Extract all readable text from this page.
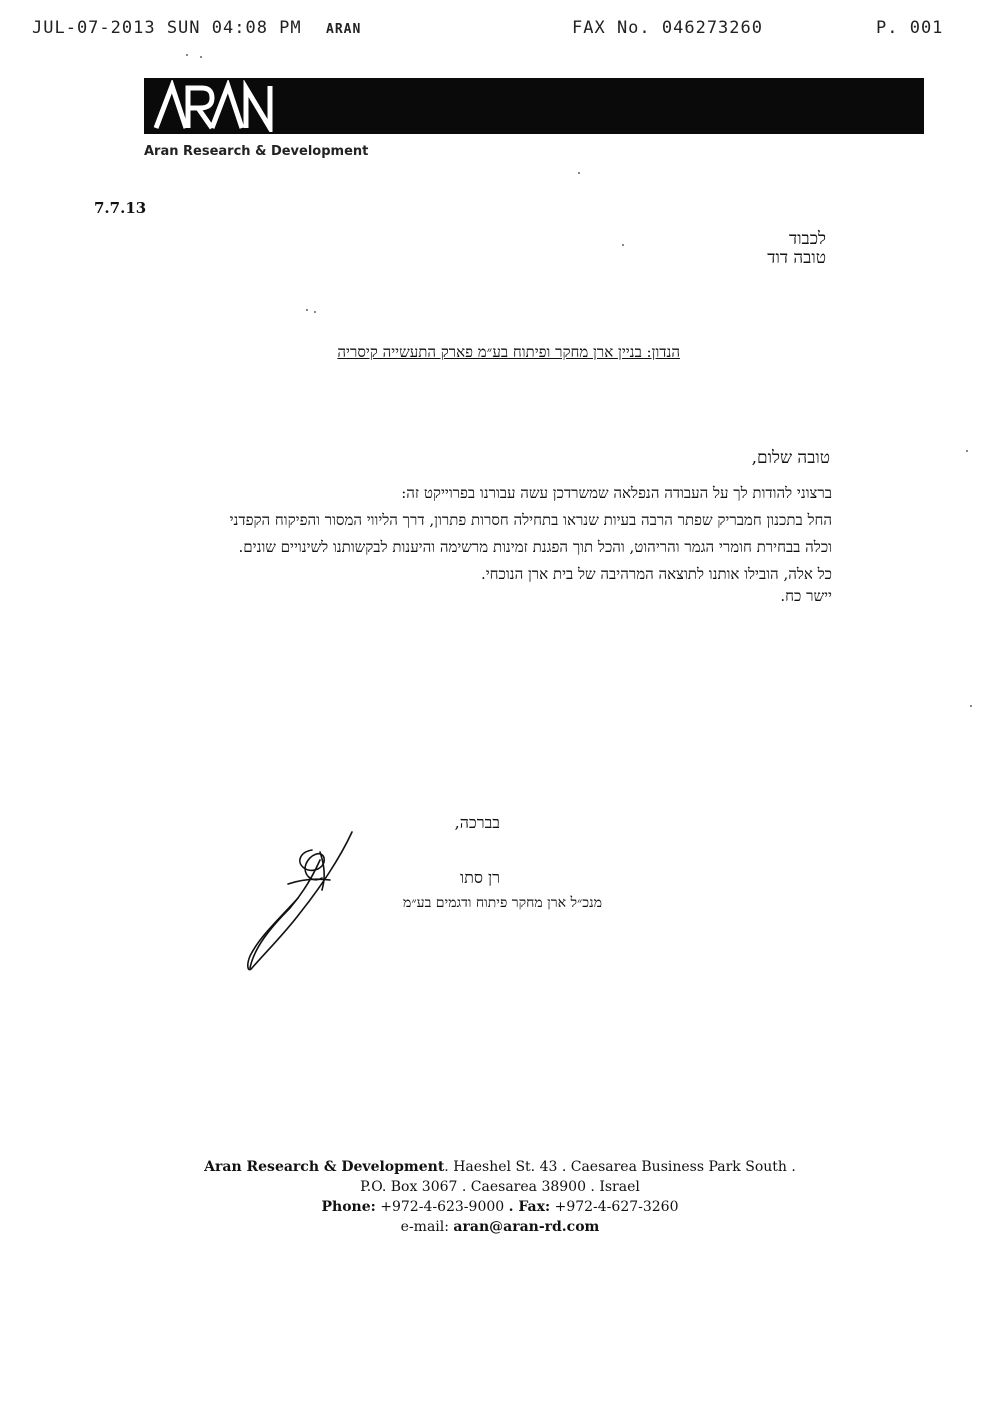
JUL-07-2013 SUN 04:08 PM ARAN	FAX No. 046273260	P. 001
Aran Research & Development
7.7.13
לכבוד
טובה דוד
הנדון: בניין ארן מחקר ופיתוח בע״מ פארק התעשייה קיסריה
טובה שלום,
ברצוני להודות לך על העבודה הנפלאה שמשרדכן עשה עבורנו בפרוייקט זה:
החל בתכנון חמבריק שפתר הרבה בעיות שנראו בתחילה חסרות פתרון, דרך הליווי המסור והפיקוח הקפדני
וכלה בבחירת חומרי הגמר והריהוט, והכל תוך הפגנת זמינות מרשימה והיענות לבקשותנו לשינויים שונים.
כל אלה, הובילו אותנו לתוצאה המרהיבה של בית ארן הנוכחי.
יישר כח.
בברכה,
רן סתו
מנכ״ל ארן מחקר פיתוח ודגמים בע״מ
Aran Research & Development. Haeshel St. 43 . Caesarea Business Park South .
P.O. Box 3067 . Caesarea 38900 . Israel
Phone: +972-4-623-9000 . Fax: +972-4-627-3260
e-mail: aran@aran-rd.com
